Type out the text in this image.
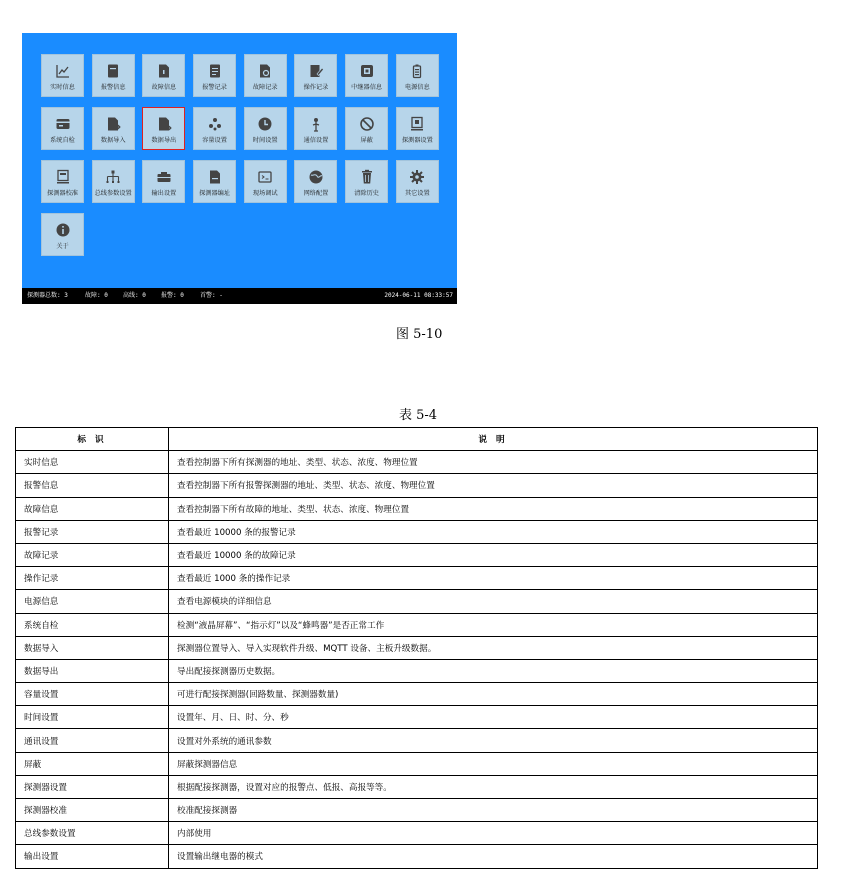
实时信息	报警信息	故障信息	报警记录	故障记录	操作记录	中继器信息	电源信息
系统自检	数据导入	数据导出	容量设置	时间设置	通信设置	屏蔽	探测器设置
探测器校准	总线参数设置	输出设置	探测器编址	现场调试	网络配置	清除历史	其它设置
关于
探测器总数: 3	故障: 0	高线: 0	报警: 0	首警: -	2024-06-11 08:33:57
图 5-10
表 5-4
标 识	说 明
实时信息	查看控制器下所有探测器的地址、类型、状态、浓度、物理位置
报警信息	查看控制器下所有报警探测器的地址、类型、状态、浓度、物理位置
故障信息	查看控制器下所有故障的地址、类型、状态、浓度、物理位置
报警记录	查看最近 10000 条的报警记录
故障记录	查看最近 10000 条的故障记录
操作记录	查看最近 1000 条的操作记录
电源信息	查看电源模块的详细信息
系统自检	检测“液晶屏幕”、“指示灯”以及“蜂鸣器”是否正常工作
数据导入	探测器位置导入、导入实现软件升级、MQTT 设备、主板升级数据。
数据导出	导出配接探测器历史数据。
容量设置	可进行配接探测器(回路数量、探测器数量)
时间设置	设置年、月、日、时、分、秒
通讯设置	设置对外系统的通讯参数
屏蔽	屏蔽探测器信息
探测器设置	根据配接探测器，设置对应的报警点、低报、高报等等。
探测器校准	校准配接探测器
总线参数设置	内部使用
输出设置	设置输出继电器的模式
